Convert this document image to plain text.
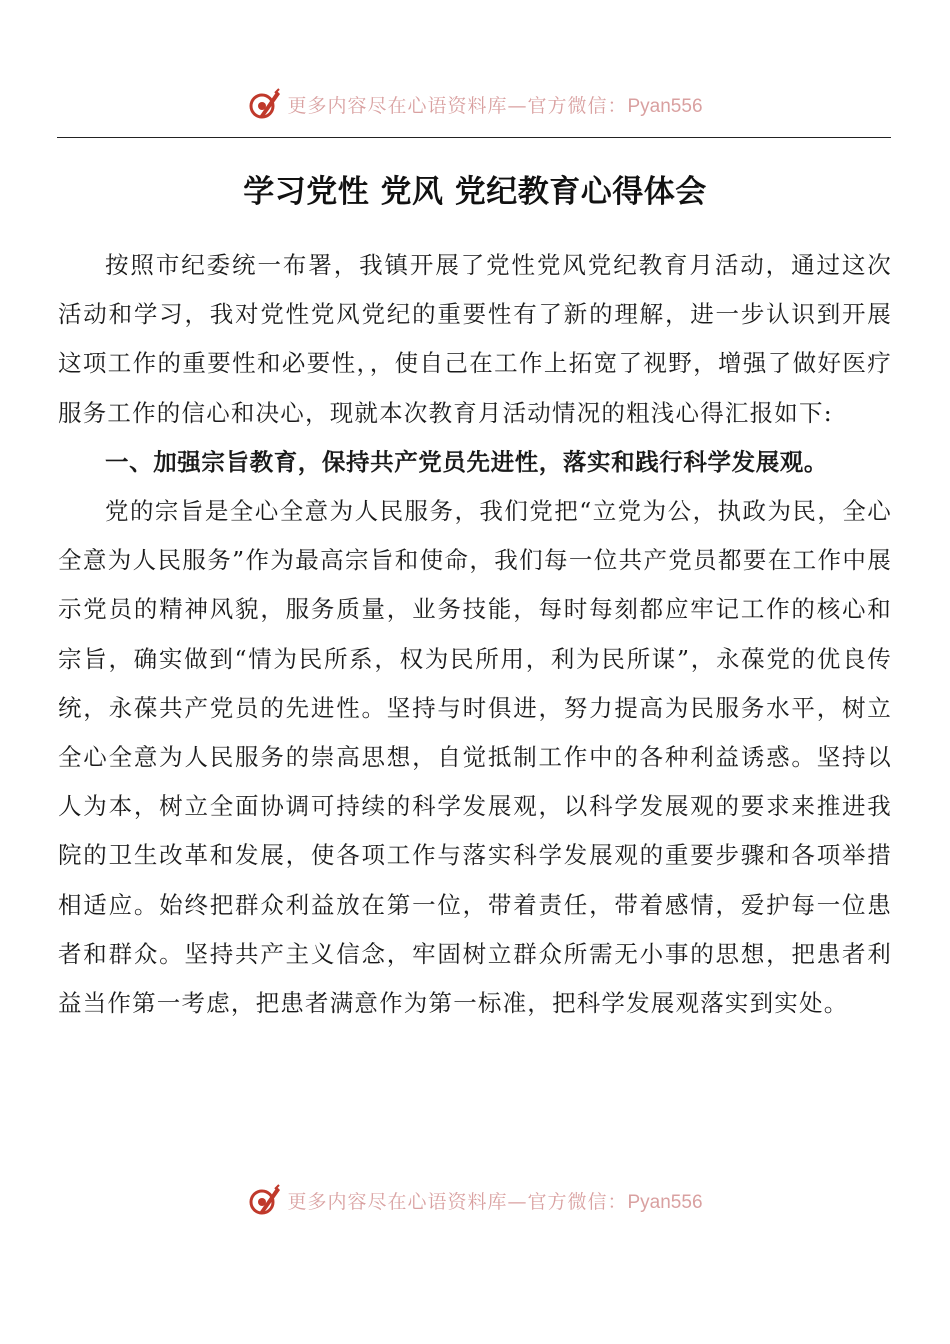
更多内容尽在心语资料库—官方微信：Pyan556
学习党性 党风 党纪教育心得体会

按照市纪委统一布署，我镇开展了党性党风党纪教育月活动，通过这次活动和学习，我对党性党风党纪的重要性有了新的理解，进一步认识到开展这项工作的重要性和必要性，，使自己在工作上拓宽了视野，增强了做好医疗服务工作的信心和决心，现就本次教育月活动情况的粗浅心得汇报如下:

一、加强宗旨教育，保持共产党员先进性，落实和践行科学发展观。

党的宗旨是全心全意为人民服务，我们党把“立党为公，执政为民，全心全意为人民服务”作为最高宗旨和使命，我们每一位共产党员都要在工作中展示党员的精神风貌，服务质量，业务技能，每时每刻都应牢记工作的核心和宗旨，确实做到“情为民所系，权为民所用，利为民所谋”，永葆党的优良传统，永葆共产党员的先进性。坚持与时俱进，努力提高为民服务水平，树立全心全意为人民服务的崇高思想，自觉抵制工作中的各种利益诱惑。坚持以人为本，树立全面协调可持续的科学发展观，以科学发展观的要求来推进我院的卫生改革和发展，使各项工作与落实科学发展观的重要步骤和各项举措相适应。始终把群众利益放在第一位，带着责任，带着感情，爱护每一位患者和群众。坚持共产主义信念，牢固树立群众所需无小事的思想，把患者利益当作第一考虑，把患者满意作为第一标准，把科学发展观落实到实处。

更多内容尽在心语资料库—官方微信：Pyan556
